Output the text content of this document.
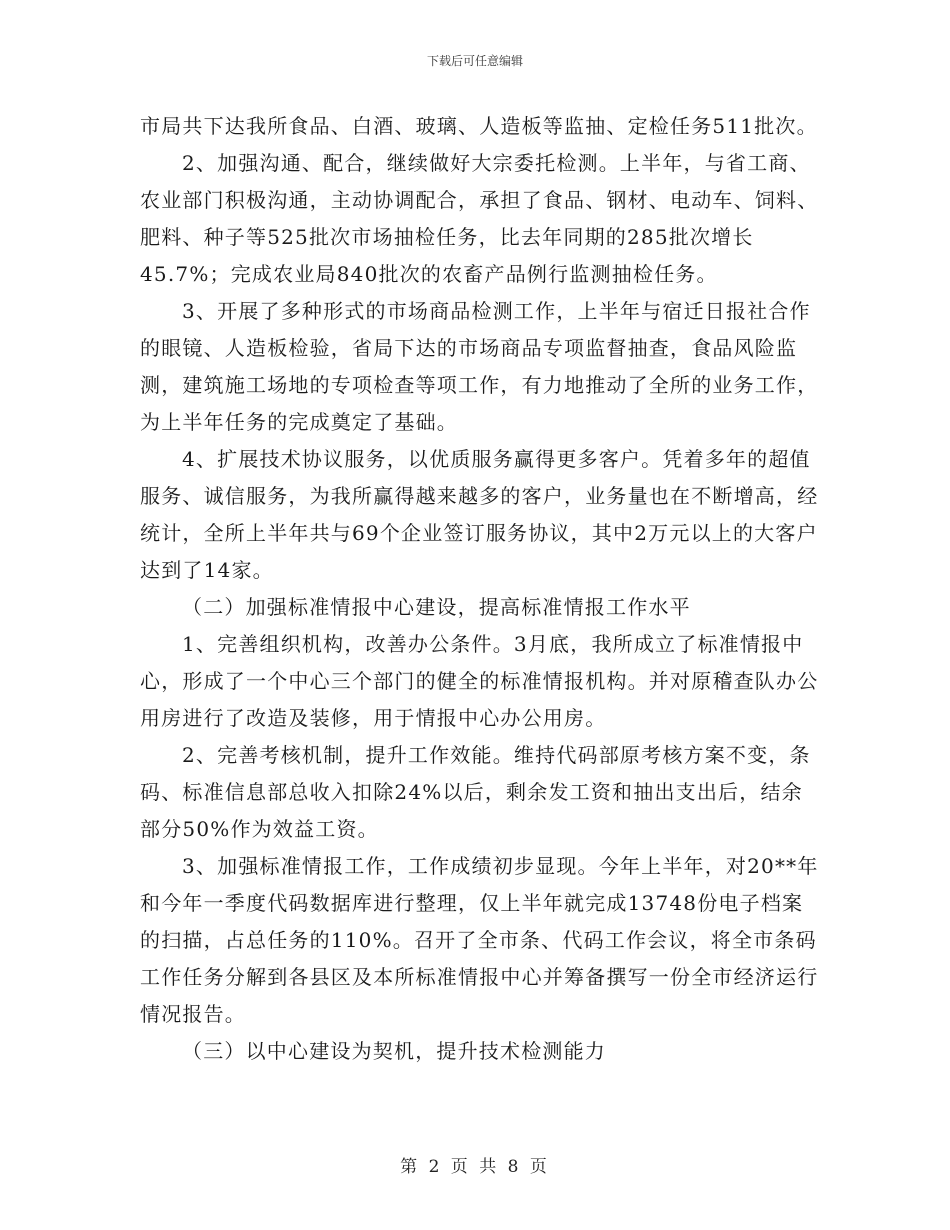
下载后可任意编辑

市局共下达我所食品、白酒、玻璃、人造板等监抽、定检任务511批次。

2、加强沟通、配合，继续做好大宗委托检测。上半年，与省工商、农业部门积极沟通，主动协调配合，承担了食品、钢材、电动车、饲料、肥料、种子等525批次市场抽检任务，比去年同期的285批次增长45.7%；完成农业局840批次的农畜产品例行监测抽检任务。

3、开展了多种形式的市场商品检测工作，上半年与宿迁日报社合作的眼镜、人造板检验，省局下达的市场商品专项监督抽查，食品风险监测，建筑施工场地的专项检查等项工作，有力地推动了全所的业务工作，为上半年任务的完成奠定了基础。

4、扩展技术协议服务，以优质服务赢得更多客户。凭着多年的超值服务、诚信服务，为我所赢得越来越多的客户，业务量也在不断增高，经统计，全所上半年共与69个企业签订服务协议，其中2万元以上的大客户达到了14家。

（二）加强标准情报中心建设，提高标准情报工作水平

1、完善组织机构，改善办公条件。3月底，我所成立了标准情报中心，形成了一个中心三个部门的健全的标准情报机构。并对原稽查队办公用房进行了改造及装修，用于情报中心办公用房。

2、完善考核机制，提升工作效能。维持代码部原考核方案不变，条码、标准信息部总收入扣除24%以后，剩余发工资和抽出支出后，结余部分50%作为效益工资。

3、加强标准情报工作，工作成绩初步显现。今年上半年，对20**年和今年一季度代码数据库进行整理，仅上半年就完成13748份电子档案的扫描，占总任务的110%。召开了全市条、代码工作会议，将全市条码工作任务分解到各县区及本所标准情报中心并筹备撰写一份全市经济运行情况报告。

（三）以中心建设为契机，提升技术检测能力

第 2 页 共 8 页
